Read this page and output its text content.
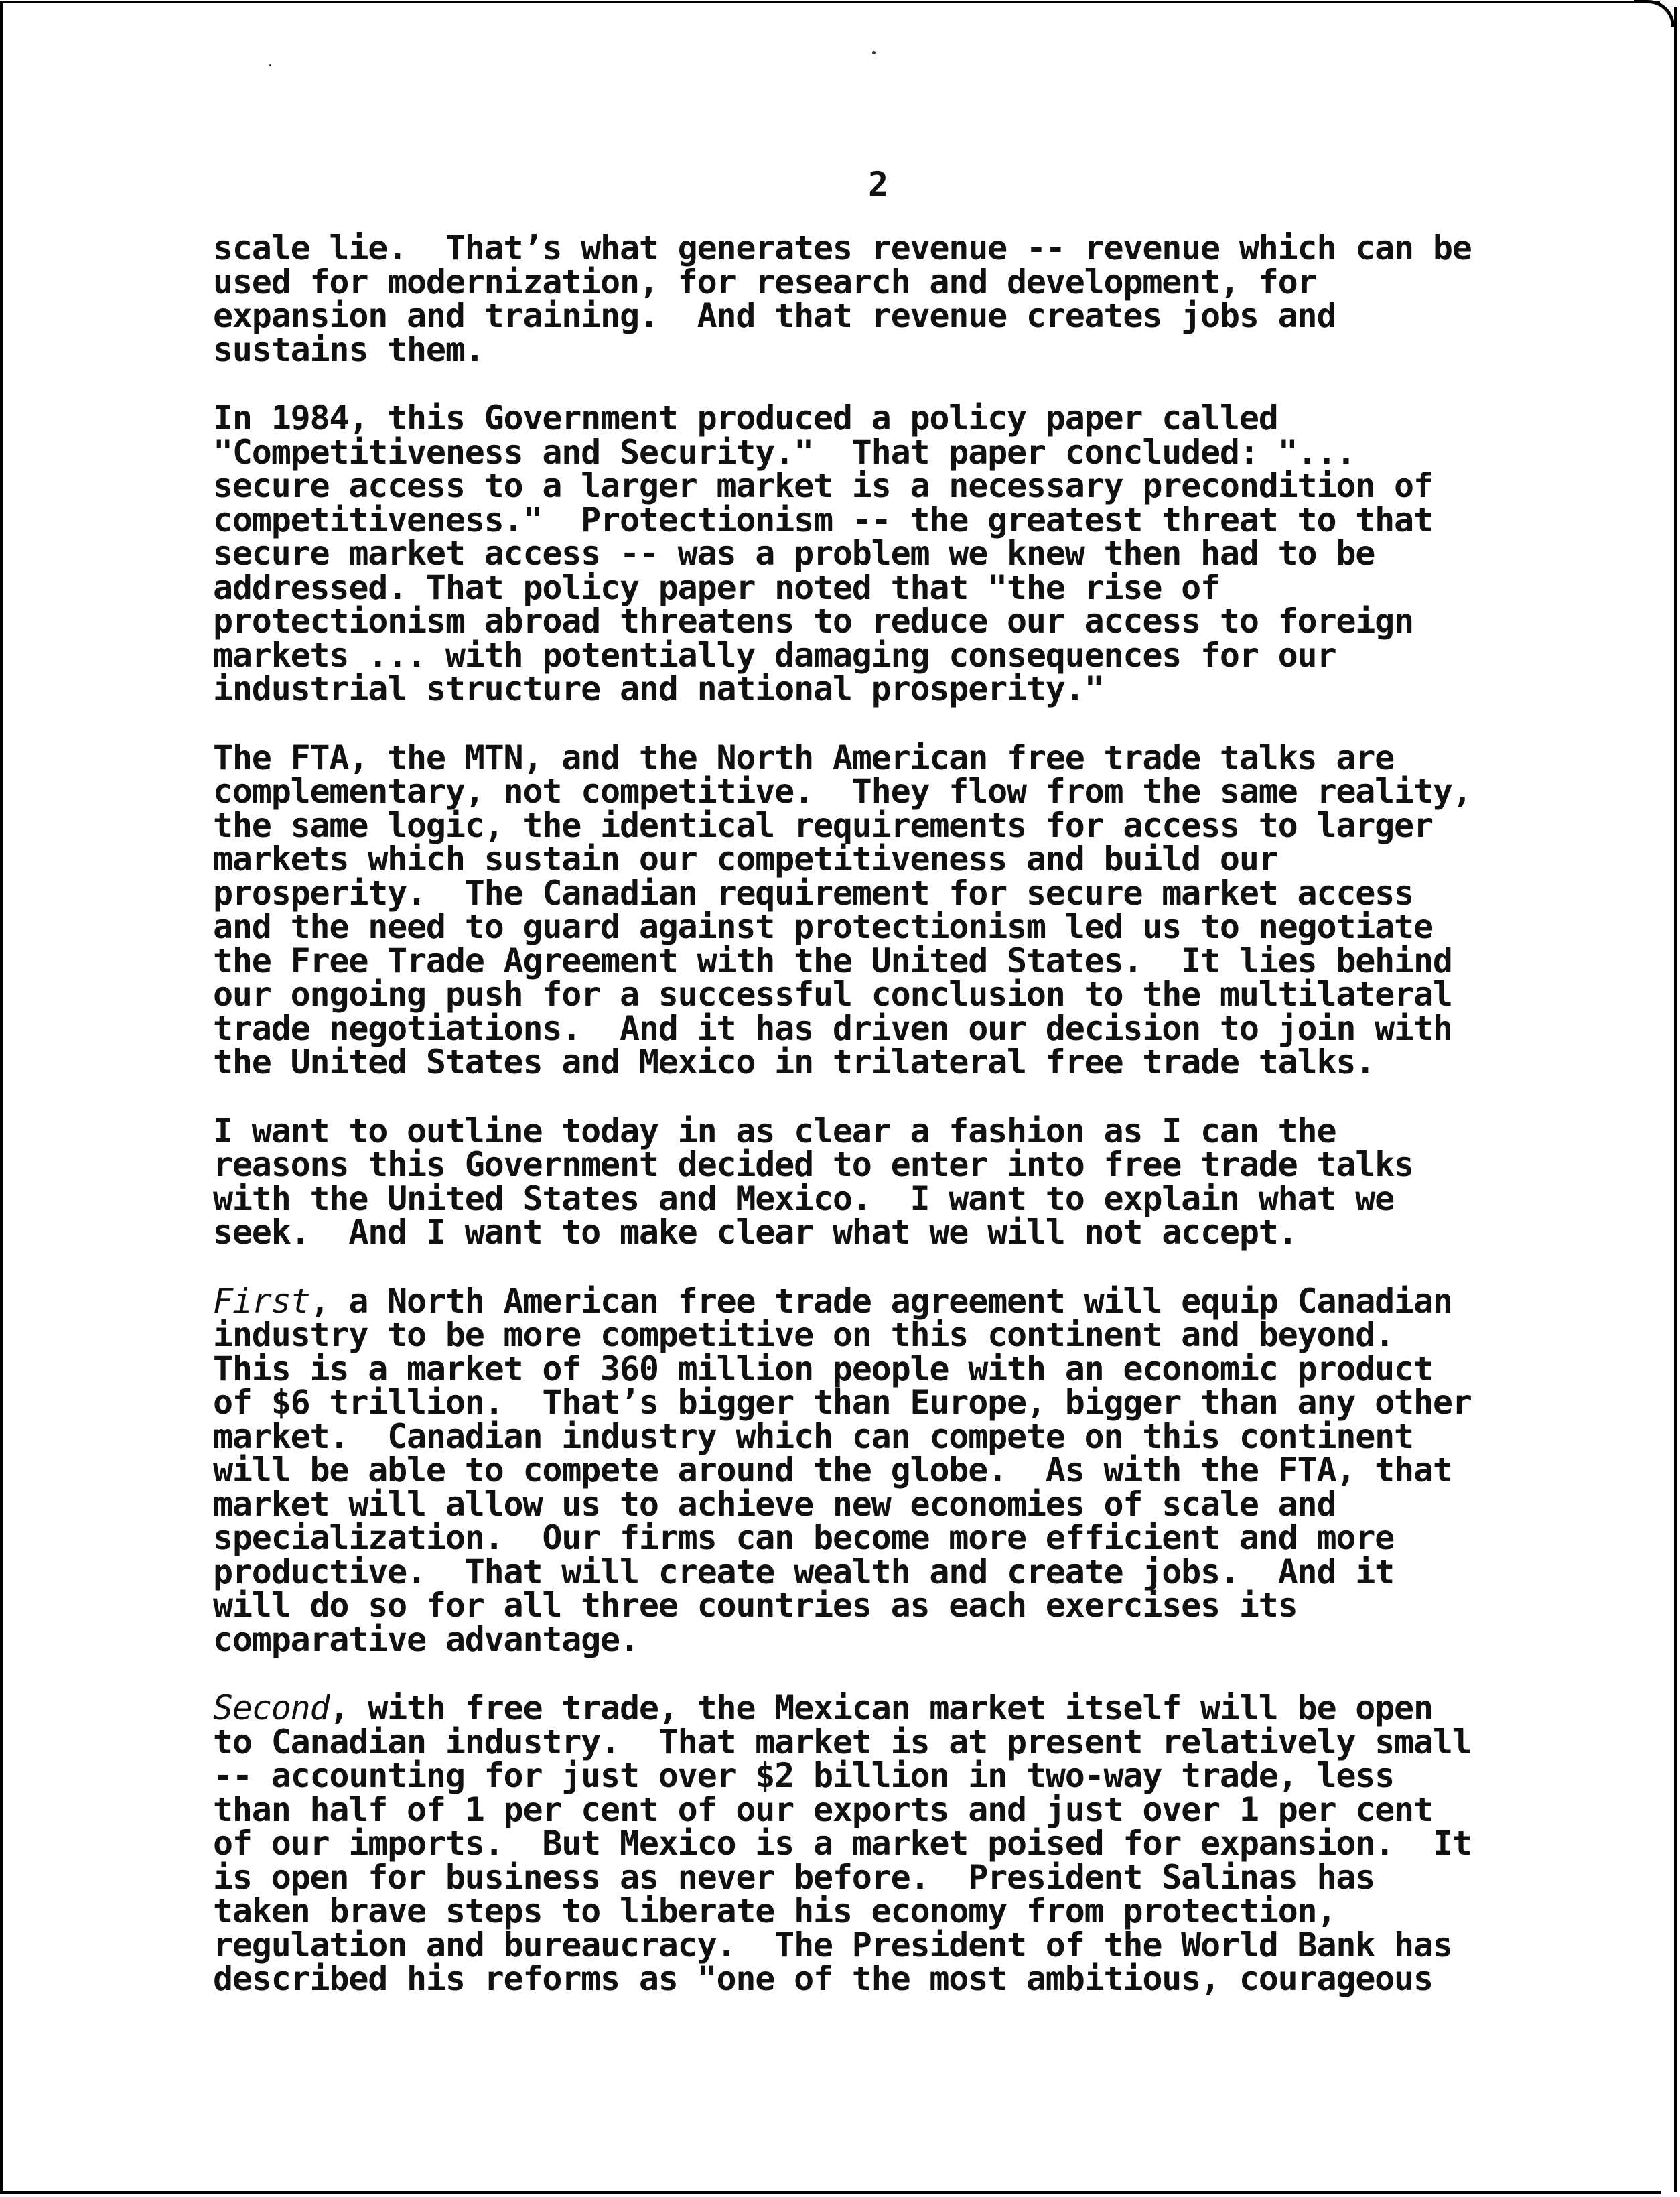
2
scale lie.  That’s what generates revenue -- revenue which can be
used for modernization, for research and development, for
expansion and training.  And that revenue creates jobs and
sustains them.
In 1984, this Government produced a policy paper called
"Competitiveness and Security."  That paper concluded: "...
secure access to a larger market is a necessary precondition of
competitiveness."  Protectionism -- the greatest threat to that
secure market access -- was a problem we knew then had to be
addressed. That policy paper noted that "the rise of
protectionism abroad threatens to reduce our access to foreign
markets ... with potentially damaging consequences for our
industrial structure and national prosperity."
The FTA, the MTN, and the North American free trade talks are
complementary, not competitive.  They flow from the same reality,
the same logic, the identical requirements for access to larger
markets which sustain our competitiveness and build our
prosperity.  The Canadian requirement for secure market access
and the need to guard against protectionism led us to negotiate
the Free Trade Agreement with the United States.  It lies behind
our ongoing push for a successful conclusion to the multilateral
trade negotiations.  And it has driven our decision to join with
the United States and Mexico in trilateral free trade talks.
I want to outline today in as clear a fashion as I can the
reasons this Government decided to enter into free trade talks
with the United States and Mexico.  I want to explain what we
seek.  And I want to make clear what we will not accept.
First, a North American free trade agreement will equip Canadian
industry to be more competitive on this continent and beyond.
This is a market of 360 million people with an economic product
of $6 trillion.  That’s bigger than Europe, bigger than any other
market.  Canadian industry which can compete on this continent
will be able to compete around the globe.  As with the FTA, that
market will allow us to achieve new economies of scale and
specialization.  Our firms can become more efficient and more
productive.  That will create wealth and create jobs.  And it
will do so for all three countries as each exercises its
comparative advantage.
Second, with free trade, the Mexican market itself will be open
to Canadian industry.  That market is at present relatively small
-- accounting for just over $2 billion in two-way trade, less
than half of 1 per cent of our exports and just over 1 per cent
of our imports.  But Mexico is a market poised for expansion.  It
is open for business as never before.  President Salinas has
taken brave steps to liberate his economy from protection,
regulation and bureaucracy.  The President of the World Bank has
described his reforms as "one of the most ambitious, courageous
